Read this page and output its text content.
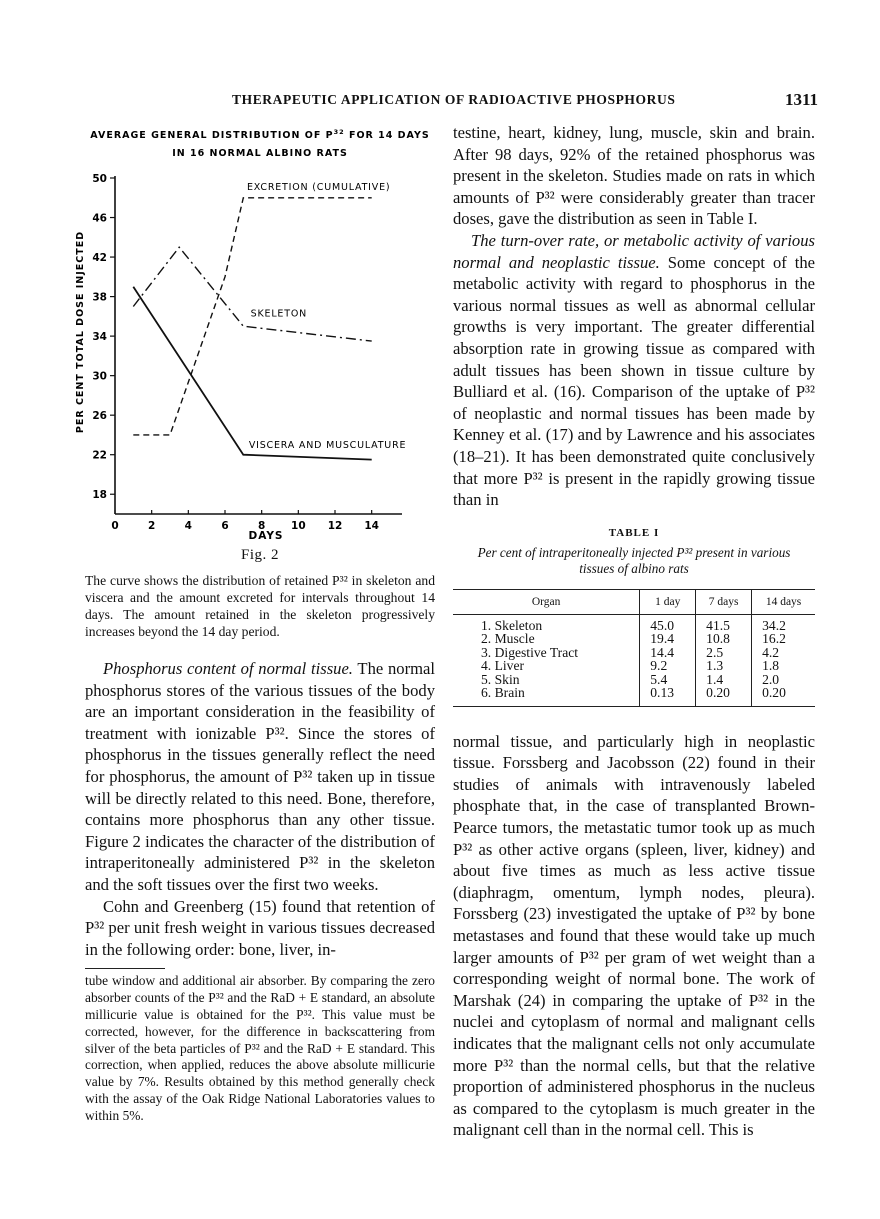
THERAPEUTIC APPLICATION OF RADIOACTIVE PHOSPHORUS	1311
AVERAGE GENERAL DISTRIBUTION OF $P^{32}$ FOR 14 DAYS
IN 16 NORMAL ALBINO RATS
PER CENT TOTAL DOSE INJECTED
DAYS
50
46
42
38
34
30
26
22
18
0	2	4	6	8 10 12 14
EXCRETION (CUMULATIVE)
SKELETON
VISCERA AND MUSCULATURE
Fig. 2
The curve shows the distribution of retained P³² in skeleton and viscera and the amount excreted for intervals throughout 14 days. The amount retained in the skeleton progressively increases beyond the 14 day period.

Phosphorus content of normal tissue. The normal phosphorus stores of the various tissues of the body are an important consideration in the feasibility of treatment with ionizable P³². Since the stores of phosphorus in the tissues generally reflect the need for phosphorus, the amount of P³² taken up in tissue will be directly related to this need. Bone, therefore, contains more phosphorus than any other tissue. Figure 2 indicates the character of the distribution of intraperitoneally administered P³² in the skeleton and the soft tissues over the first two weeks.

Cohn and Greenberg (15) found that retention of P³² per unit fresh weight in various tissues decreased in the following order: bone, liver, in-

tube window and additional air absorber. By comparing the zero absorber counts of the P³² and the RaD + E standard, an absolute millicurie value is obtained for the P³². This value must be corrected, however, for the difference in backscattering from silver of the beta particles of P³² and the RaD + E standard. This correction, when applied, reduces the above absolute millicurie value by 7%. Results obtained by this method generally check with the assay of the Oak Ridge National Laboratories values to within 5%.

testine, heart, kidney, lung, muscle, skin and brain. After 98 days, 92% of the retained phosphorus was present in the skeleton. Studies made on rats in which amounts of P³² were considerably greater than tracer doses, gave the distribution as seen in Table I.

The turn-over rate, or metabolic activity of various normal and neoplastic tissue. Some concept of the metabolic activity with regard to phosphorus in the various normal tissues as well as abnormal cellular growths is very important. The greater differential absorption rate in growing tissue as compared with adult tissues has been shown in tissue culture by Bulliard et al. (16). Comparison of the uptake of P³² of neoplastic and normal tissues has been made by Kenney et al. (17) and by Lawrence and his associates (18–21). It has been demonstrated quite conclusively that more P³² is present in the rapidly growing tissue than in

TABLE I
Per cent of intraperitoneally injected P³² present in various tissues of albino rats
Organ	1 day	7 days	14 days
1. Skeleton	45.0	41.5	34.2
2. Muscle	19.4	10.8	16.2
3. Digestive Tract	14.4	2.5	4.2
4. Liver	9.2	1.3	1.8
5. Skin	5.4	1.4	2.0
6. Brain	0.13	0.20	0.20

normal tissue, and particularly high in neoplastic tissue. Forssberg and Jacobsson (22) found in their studies of animals with intravenously labeled phosphate that, in the case of transplanted Brown-Pearce tumors, the metastatic tumor took up as much P³² as other active organs (spleen, liver, kidney) and about five times as much as less active tissue (diaphragm, omentum, lymph nodes, pleura). Forssberg (23) investigated the uptake of P³² by bone metastases and found that these would take up much larger amounts of P³² per gram of wet weight than a corresponding weight of normal bone. The work of Marshak (24) in comparing the uptake of P³² in the nuclei and cytoplasm of normal and malignant cells indicates that the malignant cells not only accumulate more P³² than the normal cells, but that the relative proportion of administered phosphorus in the nucleus as compared to the cytoplasm is much greater in the malignant cell than in the normal cell. This is
